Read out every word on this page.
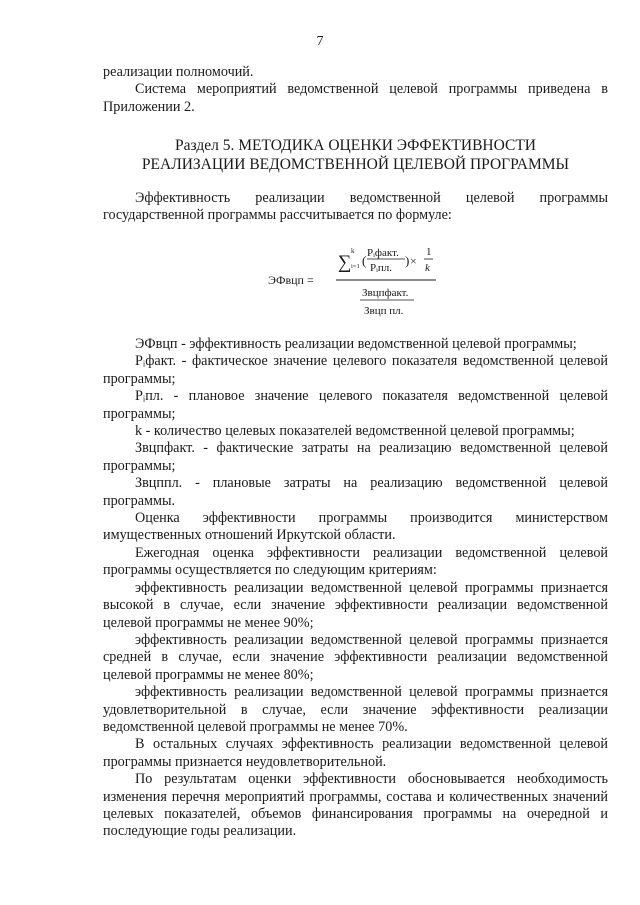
7

реализации полномочий.

Система мероприятий ведомственной целевой программы приведена в Приложении 2.

Раздел 5. МЕТОДИКА ОЦЕНКИ ЭФФЕКТИВНОСТИ
РЕАЛИЗАЦИИ ВЕДОМСТВЕННОЙ ЦЕЛЕВОЙ ПРОГРАММЫ

Эффективность реализации ведомственной целевой программы государственной программы рассчитывается по формуле:

ЭФвцп =
∑
k
i=1 ( Pᵢфакт.
Pᵢпл. ) ×
1
k
Звцпфакт.
Звцп пл.

ЭФвцп - эффективность реализации ведомственной целевой программы;

Pᵢфакт. - фактическое значение целевого показателя ведомственной целевой программы;

Pᵢпл. - плановое значение целевого показателя ведомственной целевой программы;

k - количество целевых показателей ведомственной целевой программы;

Звцпфакт. - фактические затраты на реализацию ведомственной целевой программы;

Звцппл. - плановые затраты на реализацию ведомственной целевой программы.

Оценка эффективности программы производится министерством имущественных отношений Иркутской области.

Ежегодная оценка эффективности реализации ведомственной целевой программы осуществляется по следующим критериям:

эффективность реализации ведомственной целевой программы признается высокой в случае, если значение эффективности реализации ведомственной целевой программы не менее 90%;

эффективность реализации ведомственной целевой программы признается средней в случае, если значение эффективности реализации ведомственной целевой программы не менее 80%;

эффективность реализации ведомственной целевой программы признается удовлетворительной в случае, если значение эффективности реализации ведомственной целевой программы не менее 70%.

В остальных случаях эффективность реализации ведомственной целевой программы признается неудовлетворительной.

По результатам оценки эффективности обосновывается необходимость изменения перечня мероприятий программы, состава и количественных значений целевых показателей, объемов финансирования программы на очередной и последующие годы реализации.
